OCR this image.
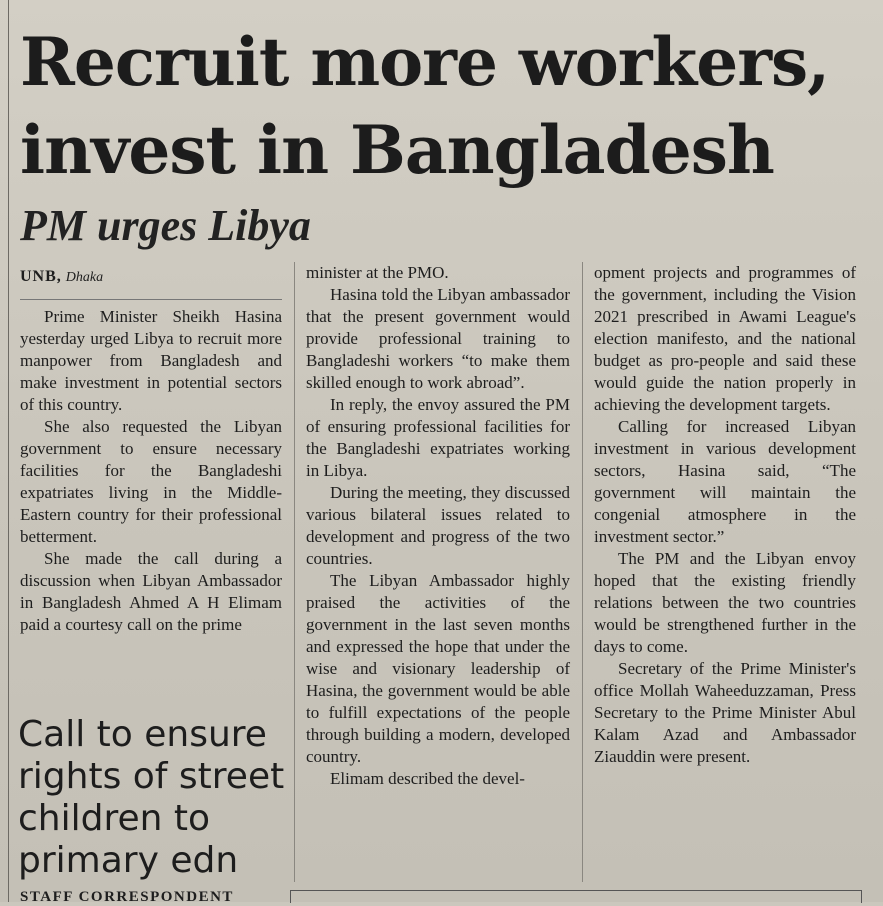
Recruit more workers, invest in Bangladesh
PM urges Libya
UNB, Dhaka

Prime Minister Sheikh Hasina yesterday urged Libya to recruit more manpower from Bangladesh and make investment in potential sectors of this country.

She also requested the Libyan government to ensure necessary facilities for the Bangladeshi expatriates living in the Middle-Eastern country for their professional betterment.

She made the call during a discussion when Libyan Ambassador in Bangladesh Ahmed A H Elimam paid a courtesy call on the prime

minister at the PMO.

Hasina told the Libyan ambassador that the present government would provide professional training to Bangladeshi workers “to make them skilled enough to work abroad”.

In reply, the envoy assured the PM of ensuring professional facilities for the Bangladeshi expatriates working in Libya.

During the meeting, they discussed various bilateral issues related to development and progress of the two countries.

The Libyan Ambassador highly praised the activities of the government in the last seven months and expressed the hope that under the wise and visionary leadership of Hasina, the government would be able to fulfill expectations of the people through building a modern, developed country.

Elimam described the devel-

opment projects and programmes of the government, including the Vision 2021 prescribed in Awami League's election manifesto, and the national budget as pro-people and said these would guide the nation properly in achieving the development targets.

Calling for increased Libyan investment in various development sectors, Hasina said, “The government will maintain the congenial atmosphere in the investment sector.”

The PM and the Libyan envoy hoped that the existing friendly relations between the two countries would be strengthened further in the days to come.

Secretary of the Prime Minister's office Mollah Waheeduzzaman, Press Secretary to the Prime Minister Abul Kalam Azad and Ambassador Ziauddin were present.

Call to ensure rights of street children to primary edn
STAFF CORRESPONDENT
